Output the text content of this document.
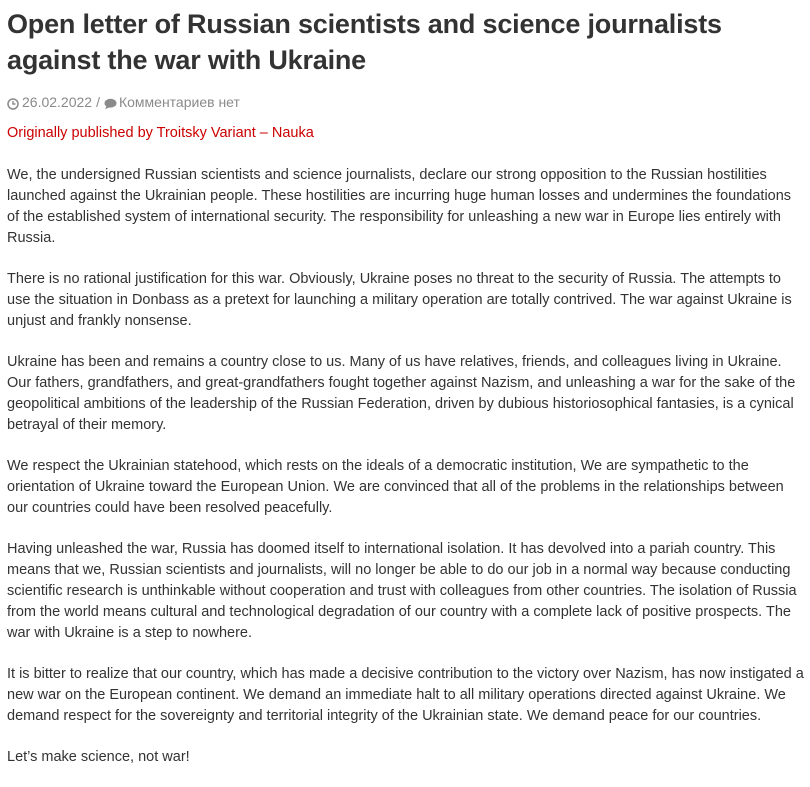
Open letter of Russian scientists and science journalists against the war with Ukraine
26.02.2022 / Комментариев нет
Originally published by Troitsky Variant – Nauka

We, the undersigned Russian scientists and science journalists, declare our strong opposition to the Russian hostilities launched against the Ukrainian people. These hostilities are incurring huge human losses and undermines the foundations of the established system of international security. The responsibility for unleashing a new war in Europe lies entirely with Russia.

There is no rational justification for this war. Obviously, Ukraine poses no threat to the security of Russia. The attempts to use the situation in Donbass as a pretext for launching a military operation are totally contrived. The war against Ukraine is unjust and frankly nonsense.

Ukraine has been and remains a country close to us. Many of us have relatives, friends, and colleagues living in Ukraine. Our fathers, grandfathers, and great-grandfathers fought together against Nazism, and unleashing a war for the sake of the geopolitical ambitions of the leadership of the Russian Federation, driven by dubious historiosophical fantasies, is a cynical betrayal of their memory.

We respect the Ukrainian statehood, which rests on the ideals of a democratic institution, We are sympathetic to the orientation of Ukraine toward the European Union. We are convinced that all of the problems in the relationships between our countries could have been resolved peacefully.

Having unleashed the war, Russia has doomed itself to international isolation. It has devolved into a pariah country. This means that we, Russian scientists and journalists, will no longer be able to do our job in a normal way because conducting scientific research is unthinkable without cooperation and trust with colleagues from other countries. The isolation of Russia from the world means cultural and technological degradation of our country with a complete lack of positive prospects. The war with Ukraine is a step to nowhere.

It is bitter to realize that our country, which has made a decisive contribution to the victory over Nazism, has now instigated a new war on the European continent. We demand an immediate halt to all military operations directed against Ukraine. We demand respect for the sovereignty and territorial integrity of the Ukrainian state. We demand peace for our countries.

Let’s make science, not war!
